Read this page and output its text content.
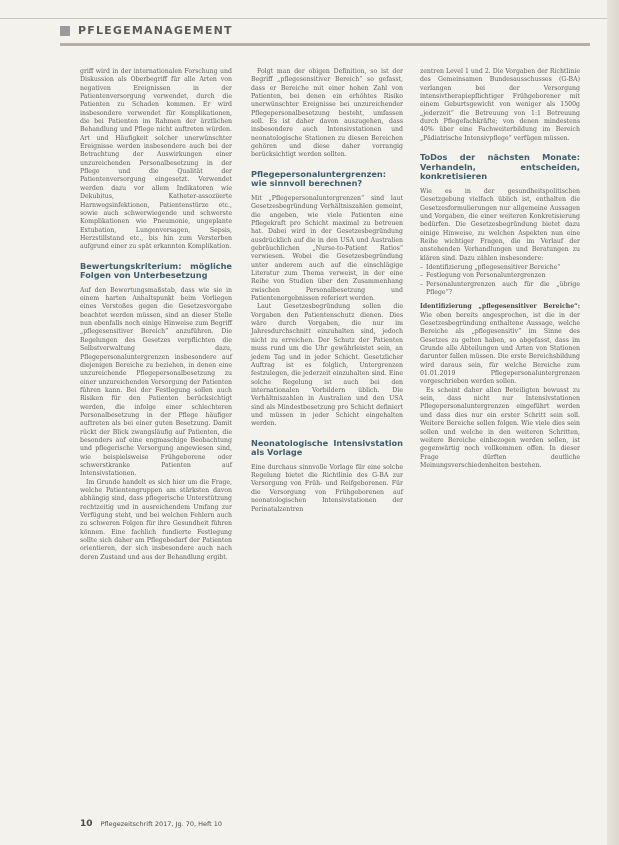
PFLEGEMANAGEMENT

griff wird in der internationalen Forschung und Diskussion als Oberbegriff für alle Arten von negativen Ereignissen in der Patientenversorgung verwendet, durch die Patienten zu Schaden kommen. Er wird insbesondere verwendet für Komplikationen, die bei Patienten im Rahmen der ärztlichen Behandlung und Pflege nicht auftreten würden. Art und Häufigkeit solcher unerwünschter Ereignisse werden insbesondere auch bei der Betrachtung der Auswirkungen einer unzureichenden Personalbesetzung in der Pflege und die Qualität der Patientenversorgung eingesetzt. Verwendet werden dazu vor allem Indikatoren wie Dekubitus, Katheter-assoziierte Harnwegsinfektionen, Patientenstürze etc., sowie auch schwerwiegende und schwerste Komplikationen wie Pneumonie, ungeplante Extubation, Lungenversagen, Sepsis, Herzstillstand etc., bis hin zum Versterben aufgrund einer zu spät erkannten Komplikation.

Bewertungskriterium: mögliche Folgen von Unterbesetzung

Auf den Bewertungsmaßstab, dass wie sie in einem harten Anhaltspunkt beim Vorliegen eines Verstoßes gegen die Gesetzesvorgabe beachtet werden müssen, sind an dieser Stelle nun ebenfalls noch einige Hinweise zum Begriff „pflegesensitiver Bereich“ anzuführen. Die Regelungen des Gesetzes verpflichten die Selbstverwaltung dazu, Pflegepersonaluntergrenzen insbesondere auf diejenigen Bereiche zu beziehen, in denen eine unzureichende Pflegepersonalbesetzung zu einer unzureichenden Versorgung der Patienten führen kann. Bei der Festlegung sollen auch Risiken für den Patienten berücksichtigt werden, die infolge einer schlechteren Personalbesetzung in der Pflege häufiger auftreten als bei einer guten Besetzung. Damit rückt der Blick zwangsläufig auf Patienten, die besonders auf eine engmaschige Beobachtung und pflegerische Versorgung angewiesen sind, wie beispielsweise Frühgeborene oder schwerstkranke Patienten auf Intensivstationen.

Im Grunde handelt es sich hier um die Frage, welche Patientengruppen am stärksten davon abhängig sind, dass pflegerische Unterstützung rechtzeitig und in ausreichendem Umfang zur Verfügung steht, und bei welchen Fehlern auch zu schweren Folgen für ihre Gesundheit führen können. Eine fachlich fundierte Festlegung sollte sich daher am Pflegebedarf der Patienten orientieren, der sich insbesondere auch nach deren Zustand und aus der Behandlung ergibt.

Folgt man der obigen Definition, so ist der Begriff „pflegesensitiver Bereich“ so gefasst, dass er Bereiche mit einer hohen Zahl von Patienten, bei denen ein erhöhtes Risiko unerwünschter Ereignisse bei unzureichender Pflegepersonalbesetzung besteht, umfassen soll. Es ist daher davon auszugehen, dass insbesondere auch Intensivstationen und neonatologische Stationen zu diesen Bereichen gehören und diese daher vorrangig berücksichtigt werden sollten.

Pflegepersonaluntergrenzen: wie sinnvoll berechnen?

Mit „Pflegepersonaluntergrenzen“ sind laut Gesetzesbegründung Verhältniszahlen gemeint, die angeben, wie viele Patienten eine Pflegekraft pro Schicht maximal zu betreuen hat. Dabei wird in der Gesetzesbegründung ausdrücklich auf die in den USA und Australien gebräuchlichen „Nurse-to-Patient Ratios“ verwiesen. Wobei die Gesetzesbegründung unter anderem auch auf die einschlägige Literatur zum Thema verweist, in der eine Reihe von Studien über den Zusammenhang zwischen Personalbesetzung und Patientenergebnissen referiert werden.

Laut Gesetzesbegründung sollen die Vorgaben den Patientenschutz dienen. Dies wäre durch Vorgaben, die nur im Jahresdurchschnitt einzuhalten sind, jedoch nicht zu erreichen. Der Schutz der Patienten muss rund um die Uhr gewährleistet sein, an jedem Tag und in jeder Schicht. Gesetzlicher Auftrag ist es folglich, Untergrenzen festzulegen, die jederzeit einzuhalten sind. Eine solche Regelung ist auch bei den internationalen Vorbildern üblich. Die Verhältniszahlen in Australien und den USA sind als Mindestbesetzung pro Schicht definiert und müssen in jeder Schicht eingehalten werden.

Neonatologische Intensivstation als Vorlage

Eine durchaus sinnvolle Vorlage für eine solche Regelung bietet die Richtlinie des G-BA zur Versorgung von Früh- und Reifgeborenen. Für die Versorgung von Frühgeborenen auf neonatologischen Intensivstationen der Perinatalzentren

zentren Level 1 und 2. Die Vorgaben der Richtlinie des Gemeinsamen Bundesausschusses (G-BA) verlangen bei der Versorgung intensivtherapiepflichtiger Frühgeborener mit einem Geburtsgewicht von weniger als 1500g „jederzeit“ die Betreuung von 1:1 Betreuung durch Pflegefachkräfte; von denen mindestens 40% über eine Fachweiterbildung im Bereich „Pädiatrische Intensivpflege“ verfügen müssen.

ToDos der nächsten Monate: Verhandeln, entscheiden, konkretisieren

Wie es in der gesundheitspolitischen Gesetzgebung vielfach üblich ist, enthalten die Gesetzesformulierungen nur allgemeine Aussagen und Vorgaben, die einer weiteren Konkretisierung bedürfen. Die Gesetzesbegründung bietet dazu einige Hinweise, zu welchen Aspekten nun eine Reihe wichtiger Fragen, die im Verlauf der anstehenden Verhandlungen und Beratungen zu klären sind. Dazu zählen insbesondere:

– Identifizierung „pflegesensitiver Bereiche“
– Festlegung von Personaluntergrenzen
– Personaluntergrenzen auch für die „übrige Pflege“?

Identifizierung „pflegesensitiver Bereiche“: Wie oben bereits angesprochen, ist die in der Gesetzesbegründung enthaltene Aussage, welche Bereiche als „pflegesensitiv“ im Sinne des Gesetzes zu gelten haben, so abgefasst, dass im Grunde alle Abteilungen und Arten von Stationen darunter fallen müssen. Die erste Bereichsbildung wird daraus sein, für welche Bereiche zum 01.01.2019 Pflegepersonaluntergrenzen vorgeschrieben werden sollen.

Es scheint daher allen Beteiligten bewusst zu sein, dass nicht nur Intensivstationen Pflegepersonaluntergrenzen eingeführt werden und dass dies nur ein erster Schritt sein soll. Weitere Bereiche sollen folgen. Wie viele dies sein sollen und welche in den weiteren Schritten, weitere Bereiche einbezogen werden sollen, ist gegenwärtig noch vollkommen offen. In dieser Frage dürften deutliche Meinungsverschiedenheiten bestehen.

10 Pflegezeitschrift 2017, Jg. 70, Heft 10
